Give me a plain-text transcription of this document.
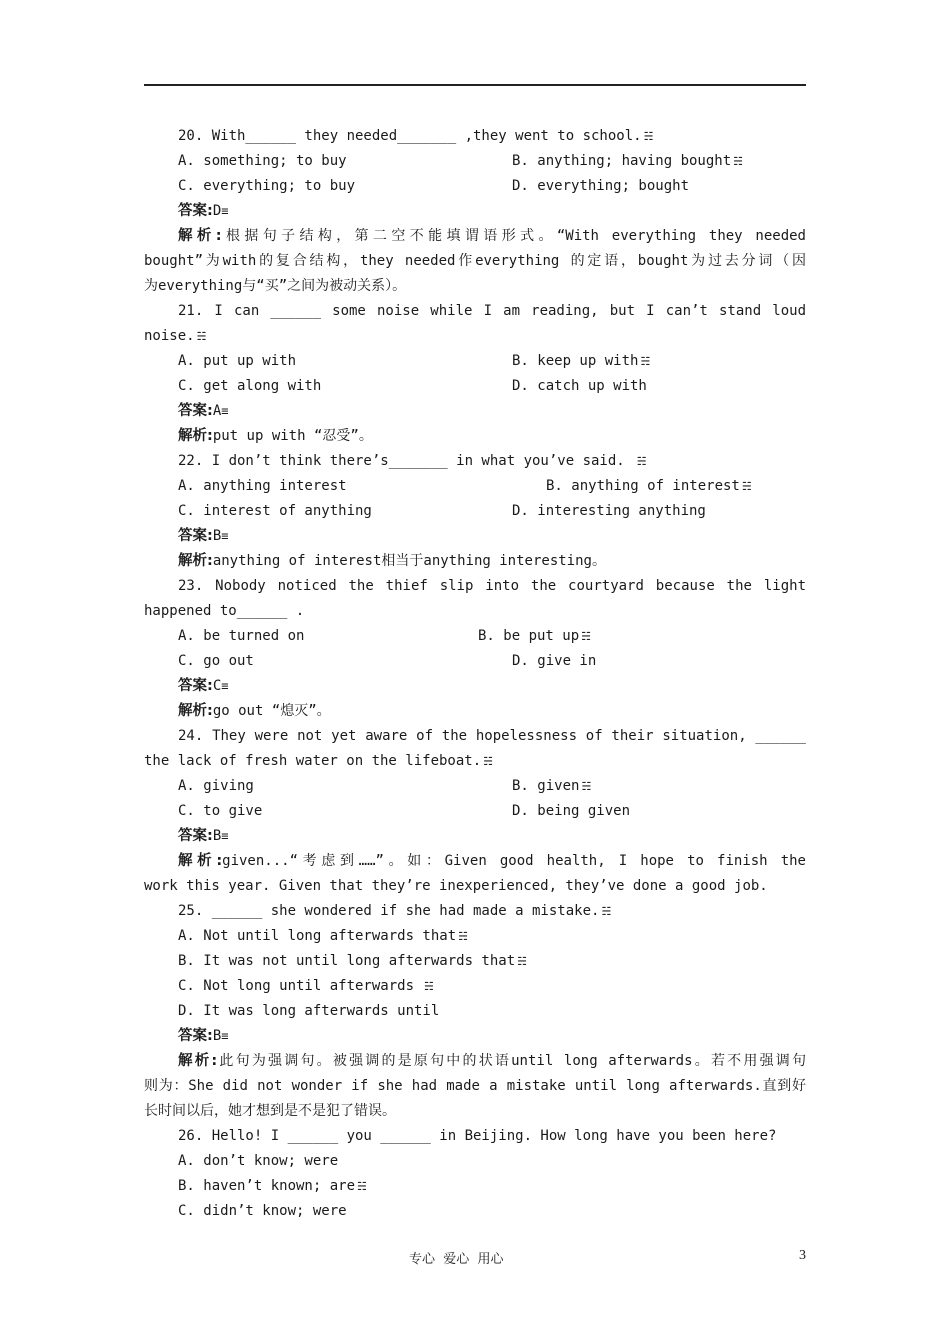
20. With______ they needed_______ ,they went to school. ☵
A. something; to buy	B. anything; having bought ☵
C. everything; to buy	D. everything; bought
答案:D≡
解析:根据句子结构，第二空不能填谓语形式。“With everything they needed
bought”为with的复合结构，they needed作everything 的定语，bought为过去分词（因
为everything与“买”之间为被动关系）。
21. I can ______ some noise while I am reading, but I can’t stand loud
noise. ☵
A. put up with	B. keep up with ☵
C. get along with	D. catch up with
答案:A≡
解析:put up with “忍受”。
22. I don’t think there’s_______ in what you’ve said. ☵
A. anything interest	B. anything of interest ☵
C. interest of anything	D. interesting anything
答案:B≡
解析:anything of interest相当于anything interesting。
23. Nobody noticed the thief slip into the courtyard because the light
happened to______ .
A. be turned on	B. be put up ☵
C. go out	D. give in
答案:C≡
解析:go out “熄灭”。
24. They were not yet aware of the hopelessness of their situation, ______
the lack of fresh water on the lifeboat. ☵
A. giving	B. given ☵
C. to give	D. being given
答案:B≡
解析:given...“考虑到……”。如：Given good health, I hope to finish the
work this year. Given that they’re inexperienced, they’ve done a good job.
25. ______ she wondered if she had made a mistake. ☵
A. Not until long afterwards that ☵
B. It was not until long afterwards that ☵
C. Not long until afterwards ☵
D. It was long afterwards until
答案:B≡
解析:此句为强调句。被强调的是原句中的状语until long afterwards。若不用强调句
则为：She did not wonder if she had made a mistake until long afterwards.直到好
长时间以后，她才想到是不是犯了错误。
26. Hello! I ______ you ______ in Beijing. How long have you been here?
A. don’t know; were
B. haven’t known; are ☵
C. didn’t know; were
专心  爱心  用心	3
